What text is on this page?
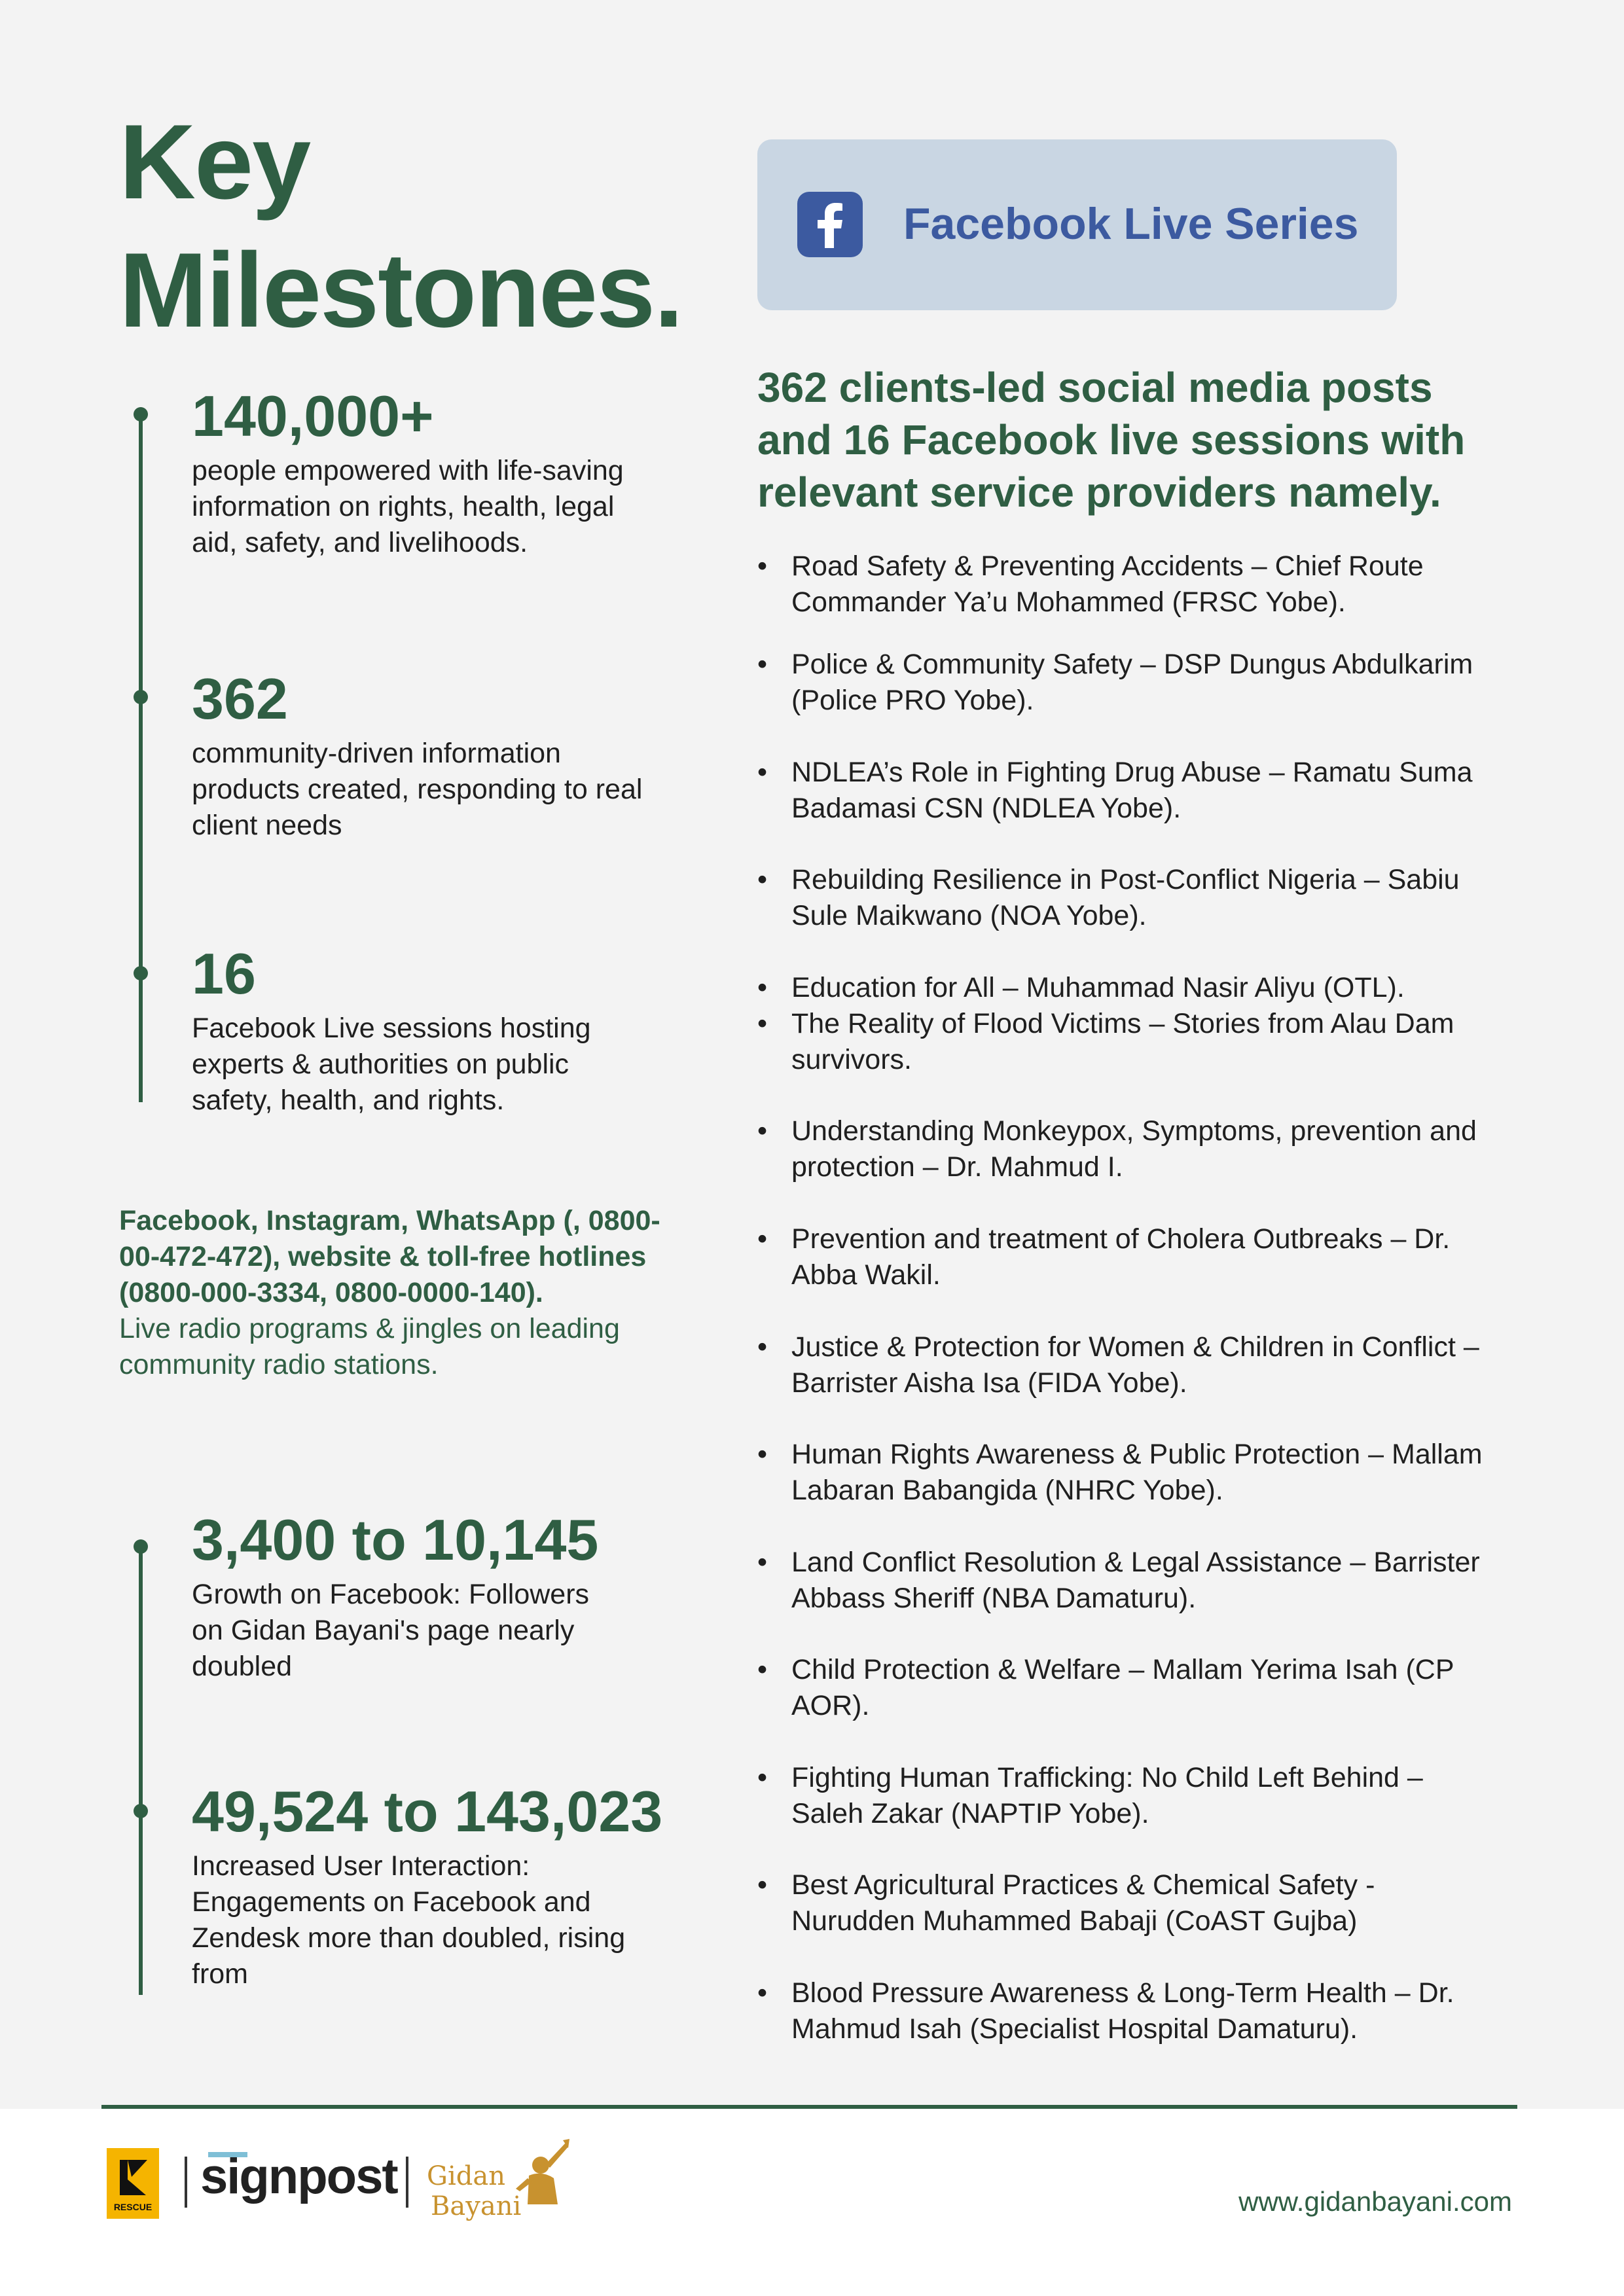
Key
Milestones.
Facebook Live Series
140,000+
people empowered with life-saving information on rights, health, legal aid, safety, and livelihoods.
362
community-driven information products created, responding to real client needs
16
Facebook Live sessions hosting experts & authorities on public safety, health, and rights.
Facebook, Instagram, WhatsApp (, 0800-00-472-472), website & toll-free hotlines (0800-000-3334, 0800-0000-140).
Live radio programs & jingles on leading community radio stations.
3,400 to 10,145
Growth on Facebook: Followers on Gidan Bayani's page nearly doubled
49,524 to 143,023
Increased User Interaction: Engagements on Facebook and Zendesk more than doubled, rising from
362 clients-led social media posts and 16 Facebook live sessions with relevant service providers namely.
• Road Safety & Preventing Accidents – Chief Route Commander Ya’u Mohammed (FRSC Yobe).
• Police & Community Safety – DSP Dungus Abdulkarim (Police PRO Yobe).
• NDLEA’s Role in Fighting Drug Abuse – Ramatu Suma Badamasi CSN (NDLEA Yobe).
• Rebuilding Resilience in Post-Conflict Nigeria – Sabiu Sule Maikwano (NOA Yobe).
• Education for All – Muhammad Nasir Aliyu (OTL).
• The Reality of Flood Victims – Stories from Alau Dam survivors.
• Understanding Monkeypox, Symptoms, prevention and protection – Dr. Mahmud I.
• Prevention and treatment of Cholera Outbreaks – Dr. Abba Wakil.
• Justice & Protection for Women & Children in Conflict – Barrister Aisha Isa (FIDA Yobe).
• Human Rights Awareness & Public Protection – Mallam Labaran Babangida (NHRC Yobe).
• Land Conflict Resolution & Legal Assistance – Barrister Abbass Sheriff (NBA Damaturu).
• Child Protection & Welfare – Mallam Yerima Isah (CP AOR).
• Fighting Human Trafficking: No Child Left Behind – Saleh Zakar (NAPTIP Yobe).
• Best Agricultural Practices & Chemical Safety - Nurudden Muhammed Babaji (CoAST Gujba)
• Blood Pressure Awareness & Long-Term Health – Dr. Mahmud Isah (Specialist Hospital Damaturu).
RESCUE
signpost Gidan
Bayani	www.gidanbayani.com
